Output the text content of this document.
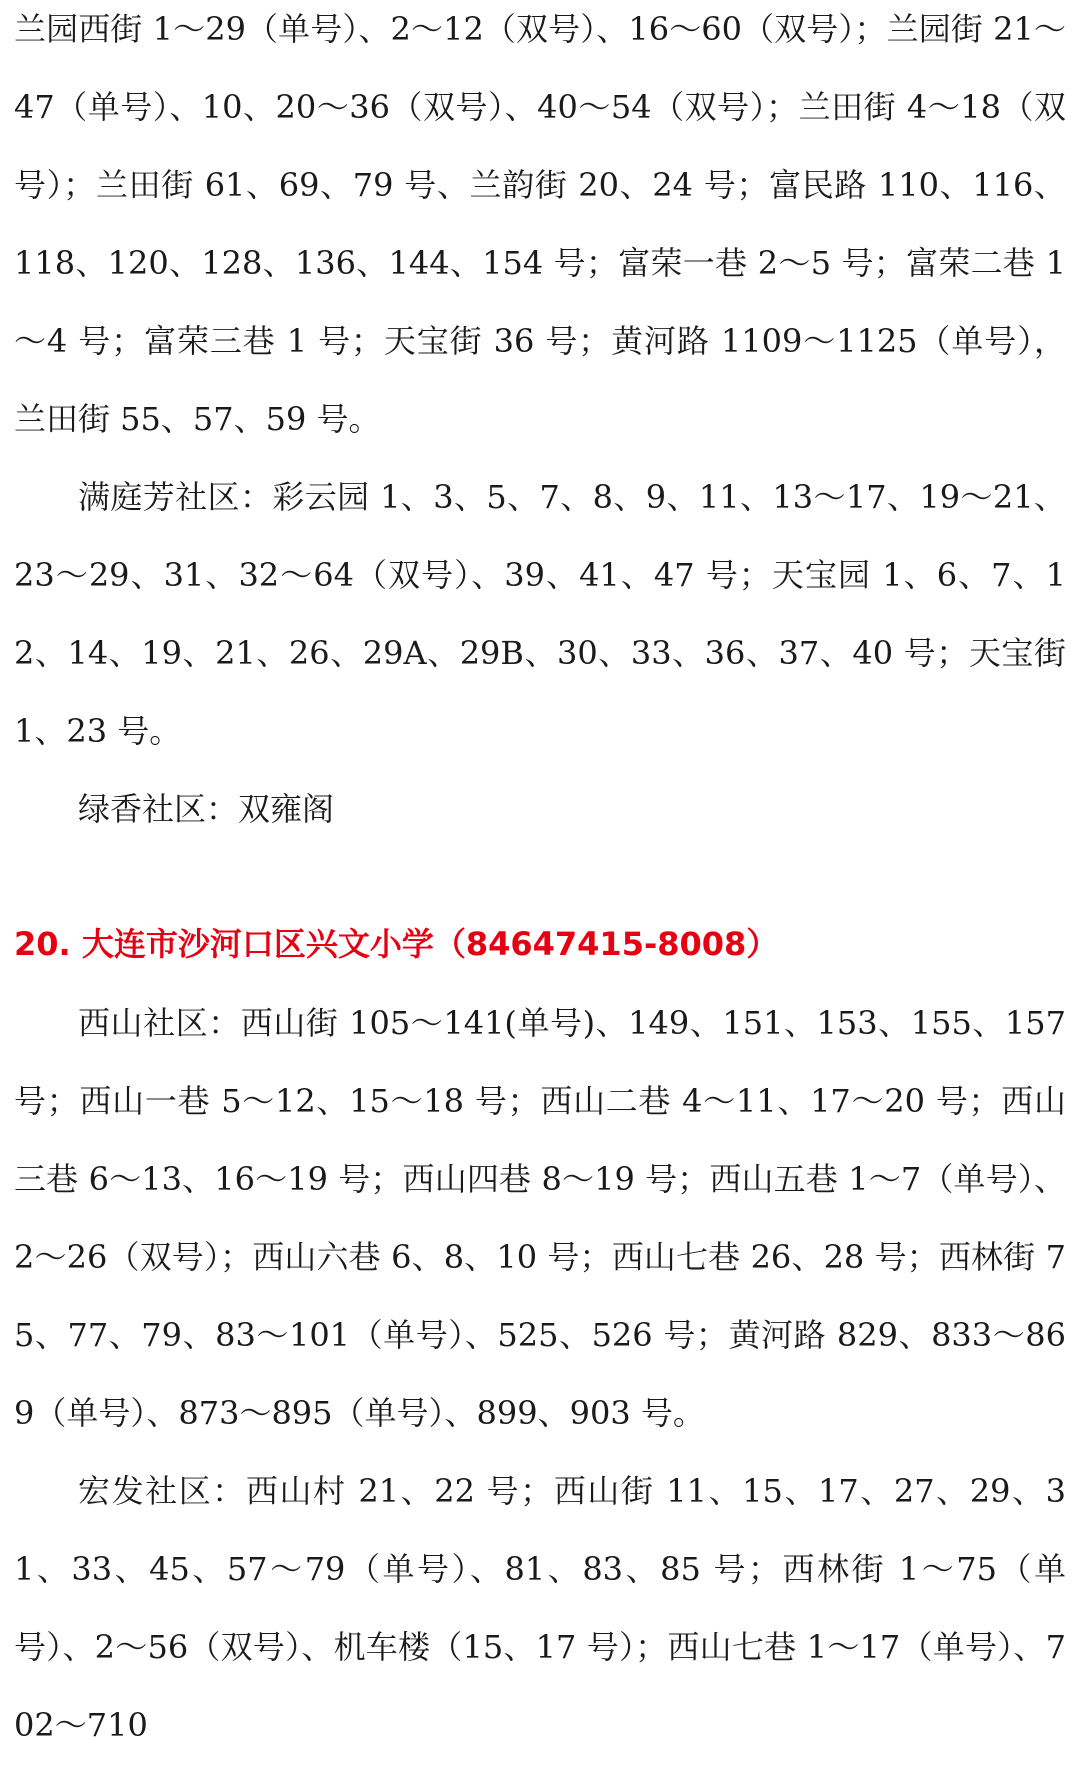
兰园西街 1～29（单号）、2～12（双号）、16～60（双号）；兰园街 21～47（单号）、10、20～36（双号）、40～54（双号）；兰田街 4～18（双号）；兰田街 61、69、79 号、兰韵街 20、24 号；富民路 110、116、118、120、128、136、144、154 号；富荣一巷 2～5 号；富荣二巷 1～4 号；富荣三巷 1 号；天宝街 36 号；黄河路 1109～1125（单号），兰田街 55、57、59 号。

满庭芳社区：彩云园 1、3、5、7、8、9、11、13～17、19～21、23～29、31、32～64（双号）、39、41、47 号；天宝园 1、6、7、12、14、19、21、26、29A、29B、30、33、36、37、40 号；天宝街 1、23 号。

绿香社区：双雍阁

20. 大连市沙河口区兴文小学（84647415-8008）

西山社区：西山街 105～141(单号)、149、151、153、155、157 号；西山一巷 5～12、15～18 号；西山二巷 4～11、17～20 号；西山三巷 6～13、16～19 号；西山四巷 8～19 号；西山五巷 1～7（单号）、2～26（双号）；西山六巷 6、8、10 号；西山七巷 26、28 号；西林街 75、77、79、83～101（单号）、525、526 号；黄河路 829、833～869（单号）、873～895（单号）、899、903 号。

宏发社区：西山村 21、22 号；西山街 11、15、17、27、29、31、33、45、57～79（单号）、81、83、85 号；西林街 1～75（单号）、2～56（双号）、机车楼（15、17 号）；西山七巷 1～17（单号）、702～710
